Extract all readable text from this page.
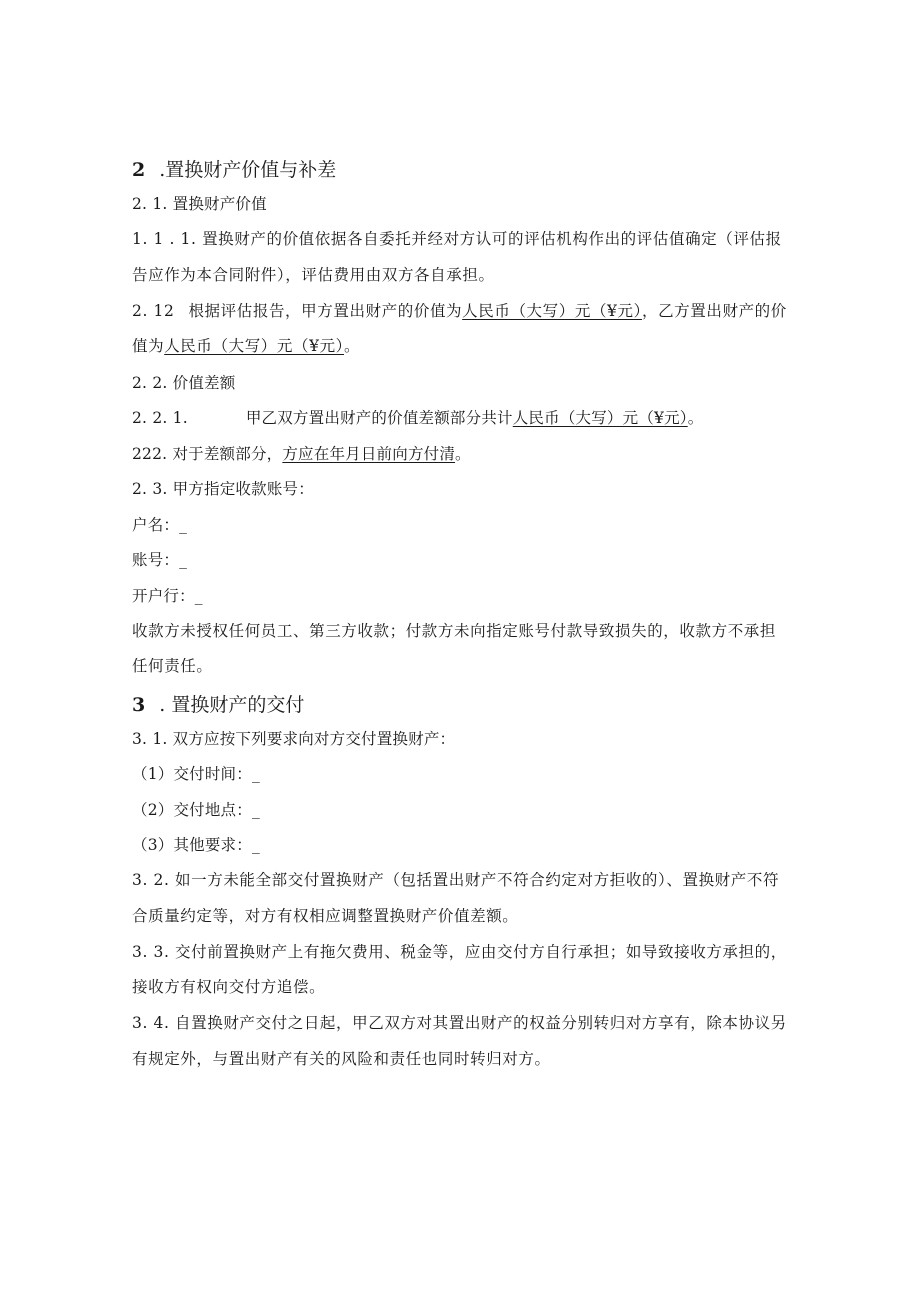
2 .置换财产价值与补差
2. 1. 置换财产价值
1. 1 . 1. 置换财产的价值依据各自委托并经对方认可的评估机构作出的评估值确定（评估报告应作为本合同附件），评估费用由双方各自承担。
2. 12 根据评估报告，甲方置出财产的价值为人民币（大写）元（¥元），乙方置出财产的价值为人民币（大写）元（¥元）。
2. 2. 价值差额
2. 2. 1.	甲乙双方置出财产的价值差额部分共计人民币（大写）元（¥元）。
222. 对于差额部分，方应在年月日前向方付清。
2. 3. 甲方指定收款账号：
户名：_
账号：_
开户行：_
收款方未授权任何员工、第三方收款；付款方未向指定账号付款导致损失的，收款方不承担任何责任。
3 . 置换财产的交付
3. 1. 双方应按下列要求向对方交付置换财产：
（1）交付时间：_
（2）交付地点：_
（3）其他要求：_
3. 2. 如一方未能全部交付置换财产（包括置出财产不符合约定对方拒收的）、置换财产不符合质量约定等，对方有权相应调整置换财产价值差额。
3. 3. 交付前置换财产上有拖欠费用、税金等，应由交付方自行承担；如导致接收方承担的，接收方有权向交付方追偿。
3. 4. 自置换财产交付之日起，甲乙双方对其置出财产的权益分别转归对方享有，除本协议另有规定外，与置出财产有关的风险和责任也同时转归对方。
